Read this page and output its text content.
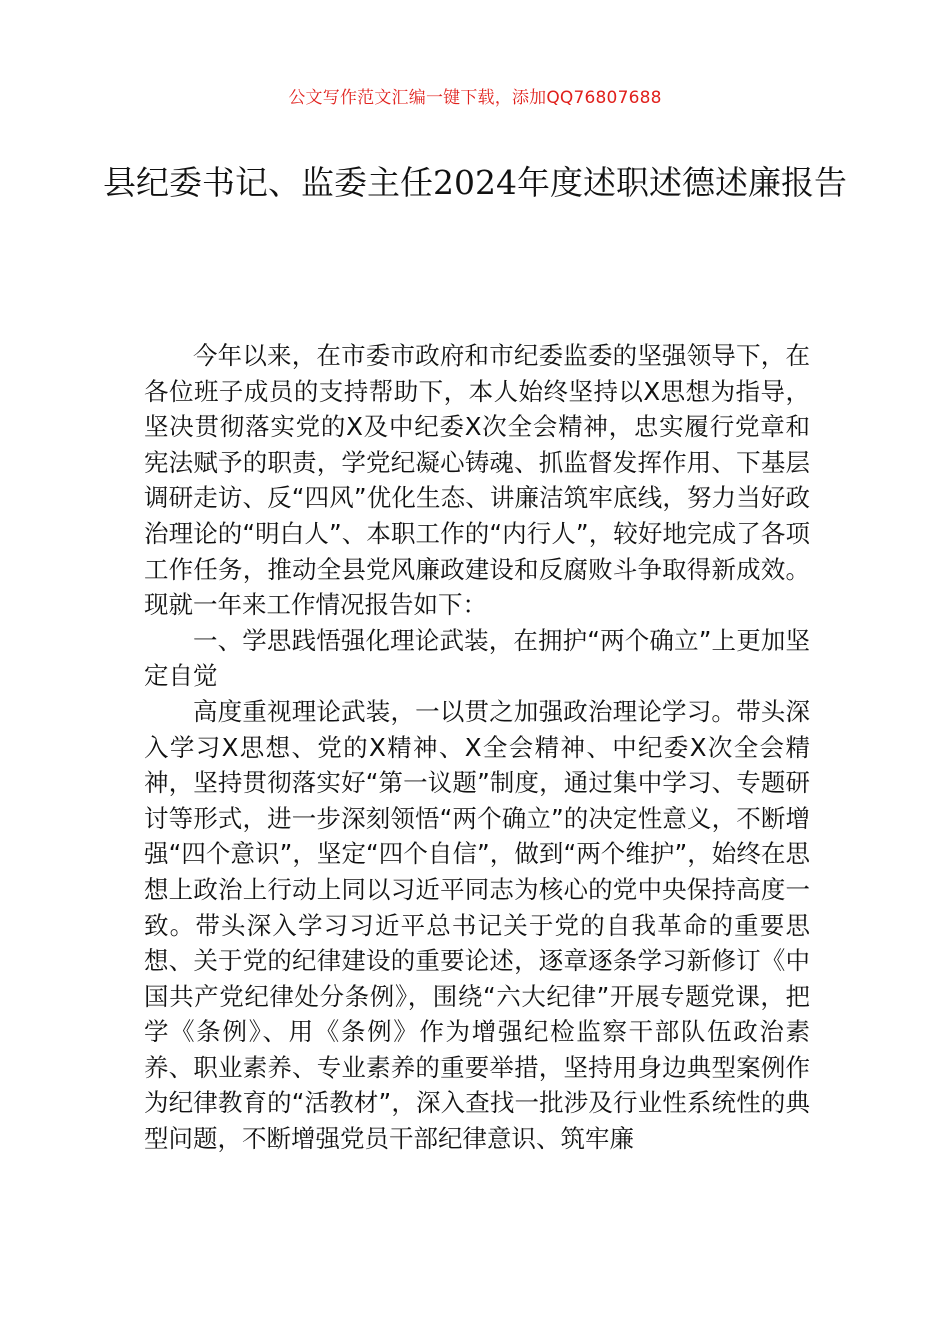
公文写作范文汇编一键下载，添加QQ76807688
县纪委书记、监委主任2024年度述职述德述廉报告

今年以来，在市委市政府和市纪委监委的坚强领导下，在各位班子成员的支持帮助下，本人始终坚持以X思想为指导，坚决贯彻落实党的X及中纪委X次全会精神，忠实履行党章和宪法赋予的职责，学党纪凝心铸魂、抓监督发挥作用、下基层调研走访、反“四风”优化生态、讲廉洁筑牢底线，努力当好政治理论的“明白人”、本职工作的“内行人”，较好地完成了各项工作任务，推动全县党风廉政建设和反腐败斗争取得新成效。现就一年来工作情况报告如下：

一、学思践悟强化理论武装，在拥护“两个确立”上更加坚定自觉

高度重视理论武装，一以贯之加强政治理论学习。带头深入学习X思想、党的X精神、X全会精神、中纪委X次全会精神，坚持贯彻落实好“第一议题”制度，通过集中学习、专题研讨等形式，进一步深刻领悟“两个确立”的决定性意义，不断增强“四个意识”，坚定“四个自信”，做到“两个维护”，始终在思想上政治上行动上同以习近平同志为核心的党中央保持高度一致。带头深入学习习近平总书记关于党的自我革命的重要思想、关于党的纪律建设的重要论述，逐章逐条学习新修订《中国共产党纪律处分条例》，围绕“六大纪律”开展专题党课，把学《条例》、用《条例》作为增强纪检监察干部队伍政治素养、职业素养、专业素养的重要举措，坚持用身边典型案例作为纪律教育的“活教材”，深入查找一批涉及行业性系统性的典型问题，不断增强党员干部纪律意识、筑牢廉
